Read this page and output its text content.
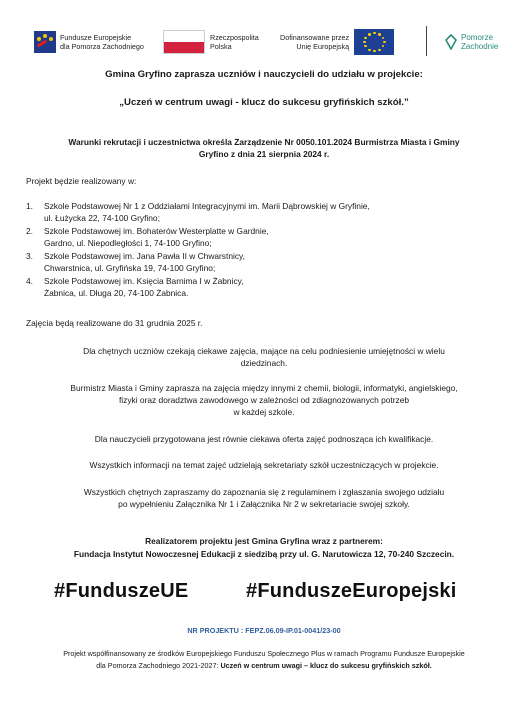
Fundusze Europejskie
dla Pomorza Zachodniego
Rzeczpospolita
Polska
Dofinansowane przez
Unię Europejską
Pomorze
Zachodnie
Gmina Gryfino zaprasza uczniów i nauczycieli do udziału w projekcie:
„Uczeń w centrum uwagi - klucz do sukcesu gryfińskich szkół.”
Warunki rekrutacji i uczestnictwa określa Zarządzenie Nr 0050.101.2024 Burmistrza Miasta i Gminy
Gryfino z dnia 21 sierpnia 2024 r.
Projekt będzie realizowany w:
1. Szkole Podstawowej Nr 1 z Oddziałami Integracyjnymi im. Marii Dąbrowskiej w Gryfinie,
ul. Łużycka 22, 74-100 Gryfino;
2. Szkole Podstawowej im. Bohaterów Westerplatte w Gardnie,
Gardno, ul. Niepodległości 1, 74-100 Gryfino;
3. Szkole Podstawowej im. Jana Pawła II w Chwarstnicy,
Chwarstnica, ul. Gryfińska 19, 74-100 Gryfino;
4. Szkole Podstawowej im. Księcia Barnima I w Żabnicy,
Żabnica, ul. Długa 20, 74-100 Żabnica.
Zajęcia będą realizowane do 31 grudnia 2025 r.
Dla chętnych uczniów czekają ciekawe zajęcia, mające na celu podniesienie umiejętności w wielu
dziedzinach.
Burmistrz Miasta i Gminy zaprasza na zajęcia między innymi z chemii, biologii, informatyki, angielskiego,
fizyki oraz doradztwa zawodowego w zależności od zdiagnozowanych potrzeb
w każdej szkole.
Dla nauczycieli przygotowana jest równie ciekawa oferta zajęć podnosząca ich kwalifikacje.
Wszystkich informacji na temat zajęć udzielają sekretariaty szkół uczestniczących w projekcie.
Wszystkich chętnych zapraszamy do zapoznania się z regulaminem i zgłaszania swojego udziału
po wypełnieniu Załącznika Nr 1 i Załącznika Nr 2 w sekretariacie swojej szkoły.
Realizatorem projektu jest Gmina Gryfina wraz z partnerem:
Fundacja Instytut Nowoczesnej Edukacji z siedzibą przy ul. G. Narutowicza 12, 70-240 Szczecin.
#FunduszeUE	#FunduszeEuropejski
NR PROJEKTU : FEPZ.06.09-IP.01-0041/23-00
Projekt współfinansowany ze środków Europejskiego Funduszu Społecznego Plus w ramach Programu Fundusze Europejskie
dla Pomorza Zachodniego 2021-2027: Uczeń w centrum uwagi – klucz do sukcesu gryfińskich szkół.
